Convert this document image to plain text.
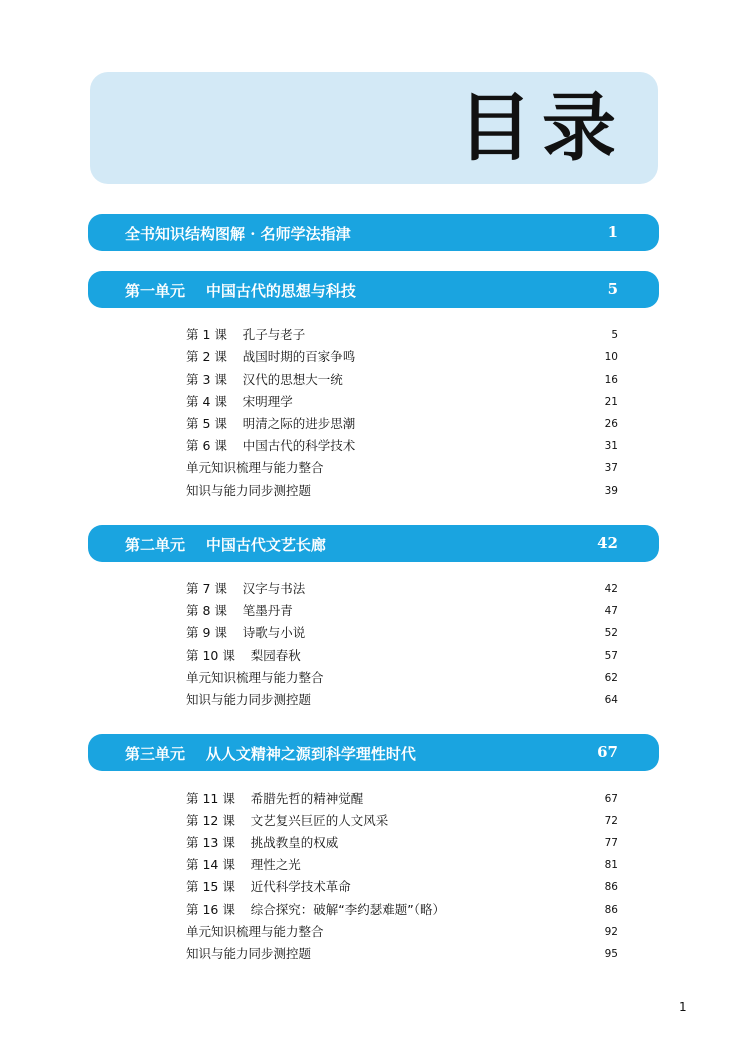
目录
全书知识结构图解 · 名师学法指津	1
第一单元    中国古代的思想与科技	5
第 1 课    孔子与老子	5
第 2 课    战国时期的百家争鸣	10
第 3 课    汉代的思想大一统	16
第 4 课    宋明理学	21
第 5 课    明清之际的进步思潮	26
第 6 课    中国古代的科学技术	31
单元知识梳理与能力整合	37
知识与能力同步测控题	39
第二单元    中国古代文艺长廊	42
第 7 课    汉字与书法	42
第 8 课    笔墨丹青	47
第 9 课    诗歌与小说	52
第 10 课    梨园春秋	57
单元知识梳理与能力整合	62
知识与能力同步测控题	64
第三单元    从人文精神之源到科学理性时代	67
第 11 课    希腊先哲的精神觉醒	67
第 12 课    文艺复兴巨匠的人文风采	72
第 13 课    挑战教皇的权威	77
第 14 课    理性之光	81
第 15 课    近代科学技术革命	86
第 16 课    综合探究：破解“李约瑟难题”（略）	86
单元知识梳理与能力整合	92
知识与能力同步测控题	95
1
